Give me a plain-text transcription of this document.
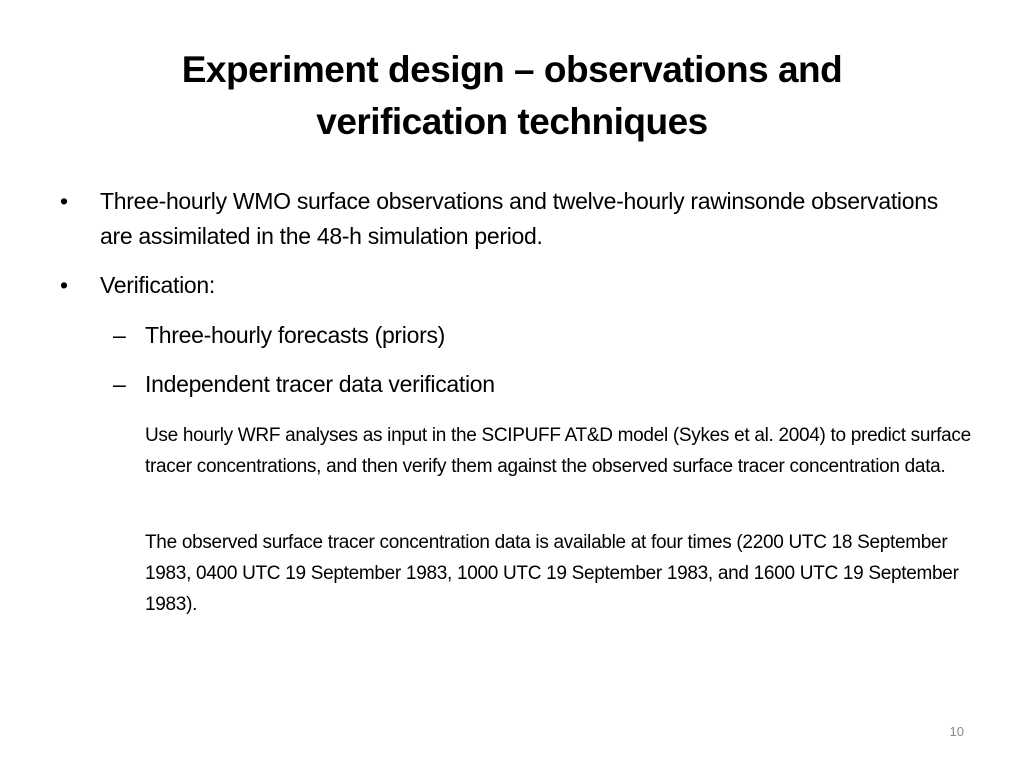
Experiment design – observations and
verification techniques
• Three-hourly WMO surface observations and twelve-hourly rawinsonde observations are assimilated in the 48-h simulation period.
• Verification:
– Three-hourly forecasts (priors)
– Independent tracer data verification
Use hourly WRF analyses as input in the SCIPUFF AT&D model (Sykes et al. 2004) to predict surface tracer concentrations, and then verify them against the observed surface tracer concentration data.
The observed surface tracer concentration data is available at four times (2200 UTC 18 September 1983, 0400 UTC 19 September 1983, 1000 UTC 19 September 1983, and 1600 UTC 19 September 1983).
10
